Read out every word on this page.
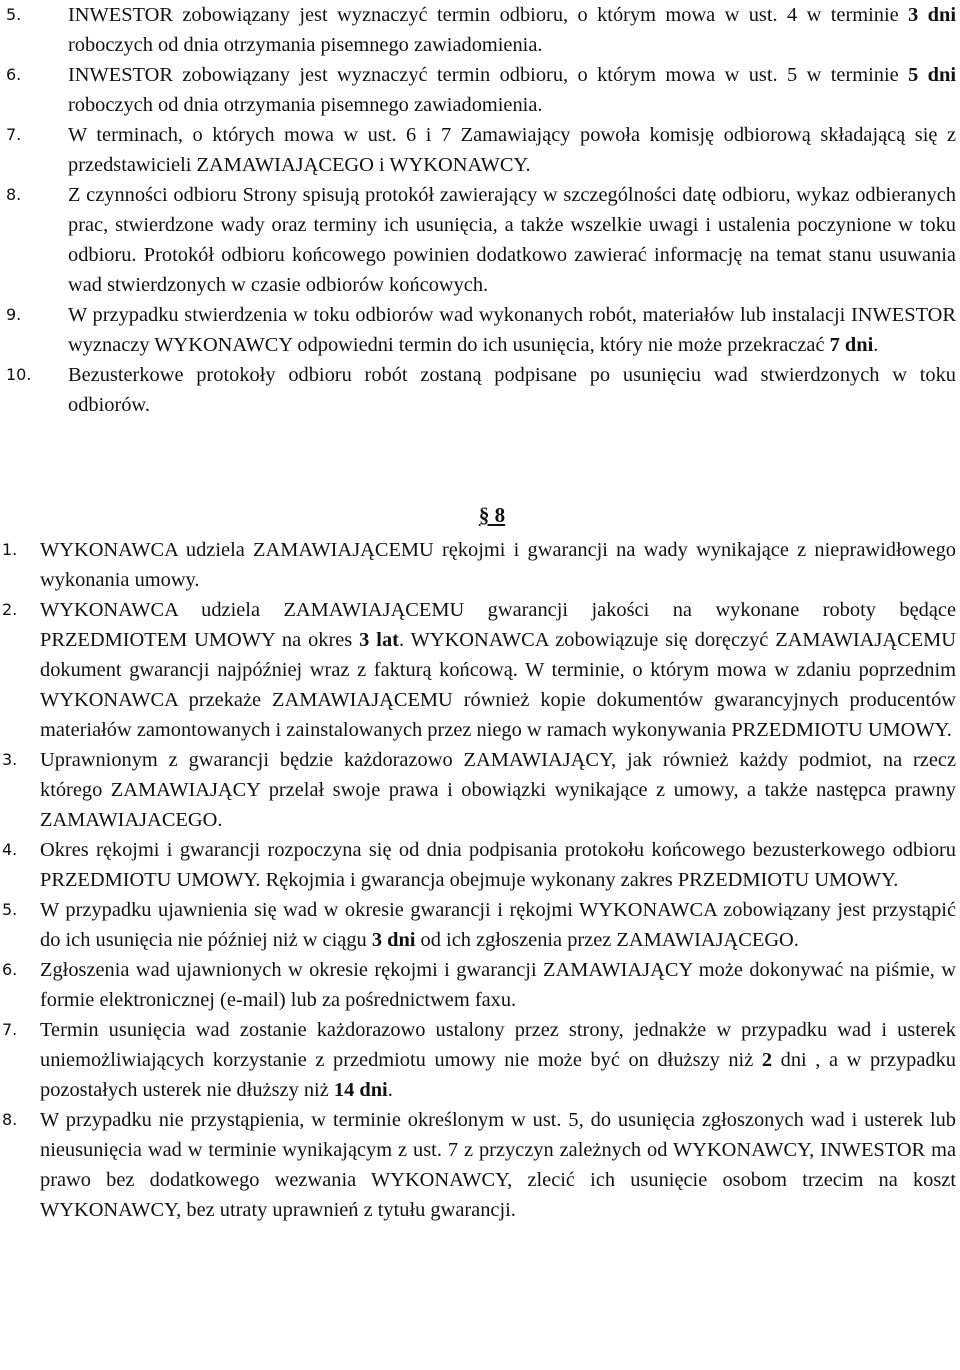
5. INWESTOR zobowiązany jest wyznaczyć termin odbioru, o którym mowa w ust. 4 w terminie 3 dni roboczych od dnia otrzymania pisemnego zawiadomienia.
6. INWESTOR zobowiązany jest wyznaczyć termin odbioru, o którym mowa w ust. 5 w terminie 5 dni roboczych od dnia otrzymania pisemnego zawiadomienia.
7. W terminach, o których mowa w ust. 6 i 7 Zamawiający powoła komisję odbiorową składającą się z przedstawicieli ZAMAWIAJĄCEGO i WYKONAWCY.
8. Z czynności odbioru Strony spisują protokół zawierający w szczególności datę odbioru, wykaz odbieranych prac, stwierdzone wady oraz terminy ich usunięcia, a także wszelkie uwagi i ustalenia poczynione w toku odbioru. Protokół odbioru końcowego powinien dodatkowo zawierać informację na temat stanu usuwania wad stwierdzonych w czasie odbiorów końcowych.
9. W przypadku stwierdzenia w toku odbiorów wad wykonanych robót, materiałów lub instalacji INWESTOR wyznaczy WYKONAWCY odpowiedni termin do ich usunięcia, który nie może przekraczać 7 dni.
10. Bezusterkowe protokoły odbioru robót zostaną podpisane po usunięciu wad stwierdzonych w toku odbiorów.
§ 8
1. WYKONAWCA udziela ZAMAWIAJĄCEMU rękojmi i gwarancji na wady wynikające z nieprawidłowego wykonania umowy.
2. WYKONAWCA udziela ZAMAWIAJĄCEMU gwarancji jakości na wykonane roboty będące PRZEDMIOTEM UMOWY na okres 3 lat. WYKONAWCA zobowiązuje się doręczyć ZAMAWIAJĄCEMU dokument gwarancji najpóźniej wraz z fakturą końcową. W terminie, o którym mowa w zdaniu poprzednim WYKONAWCA przekaże ZAMAWIAJĄCEMU również kopie dokumentów gwarancyjnych producentów materiałów zamontowanych i zainstalowanych przez niego w ramach wykonywania PRZEDMIOTU UMOWY.
3. Uprawnionym z gwarancji będzie każdorazowo ZAMAWIAJĄCY, jak również każdy podmiot, na rzecz którego ZAMAWIAJĄCY przelał swoje prawa i obowiązki wynikające z umowy, a także następca prawny ZAMAWIAJACEGO.
4. Okres rękojmi i gwarancji rozpoczyna się od dnia podpisania protokołu końcowego bezusterkowego odbioru PRZEDMIOTU UMOWY. Rękojmia i gwarancja obejmuje wykonany zakres PRZEDMIOTU UMOWY.
5. W przypadku ujawnienia się wad w okresie gwarancji i rękojmi WYKONAWCA zobowiązany jest przystąpić do ich usunięcia nie później niż w ciągu 3 dni od ich zgłoszenia przez ZAMAWIAJĄCEGO.
6. Zgłoszenia wad ujawnionych w okresie rękojmi i gwarancji ZAMAWIAJĄCY może dokonywać na piśmie, w formie elektronicznej (e-mail) lub za pośrednictwem faxu.
7. Termin usunięcia wad zostanie każdorazowo ustalony przez strony, jednakże w przypadku wad i usterek uniemożliwiających korzystanie z przedmiotu umowy nie może być on dłuższy niż 2 dni , a w przypadku pozostałych usterek nie dłuższy niż 14 dni.
8. W przypadku nie przystąpienia, w terminie określonym w ust. 5, do usunięcia zgłoszonych wad i usterek lub nieusunięcia wad w terminie wynikającym z ust. 7 z przyczyn zależnych od WYKONAWCY, INWESTOR ma prawo bez dodatkowego wezwania WYKONAWCY, zlecić ich usunięcie osobom trzecim na koszt WYKONAWCY, bez utraty uprawnień z tytułu gwarancji.
